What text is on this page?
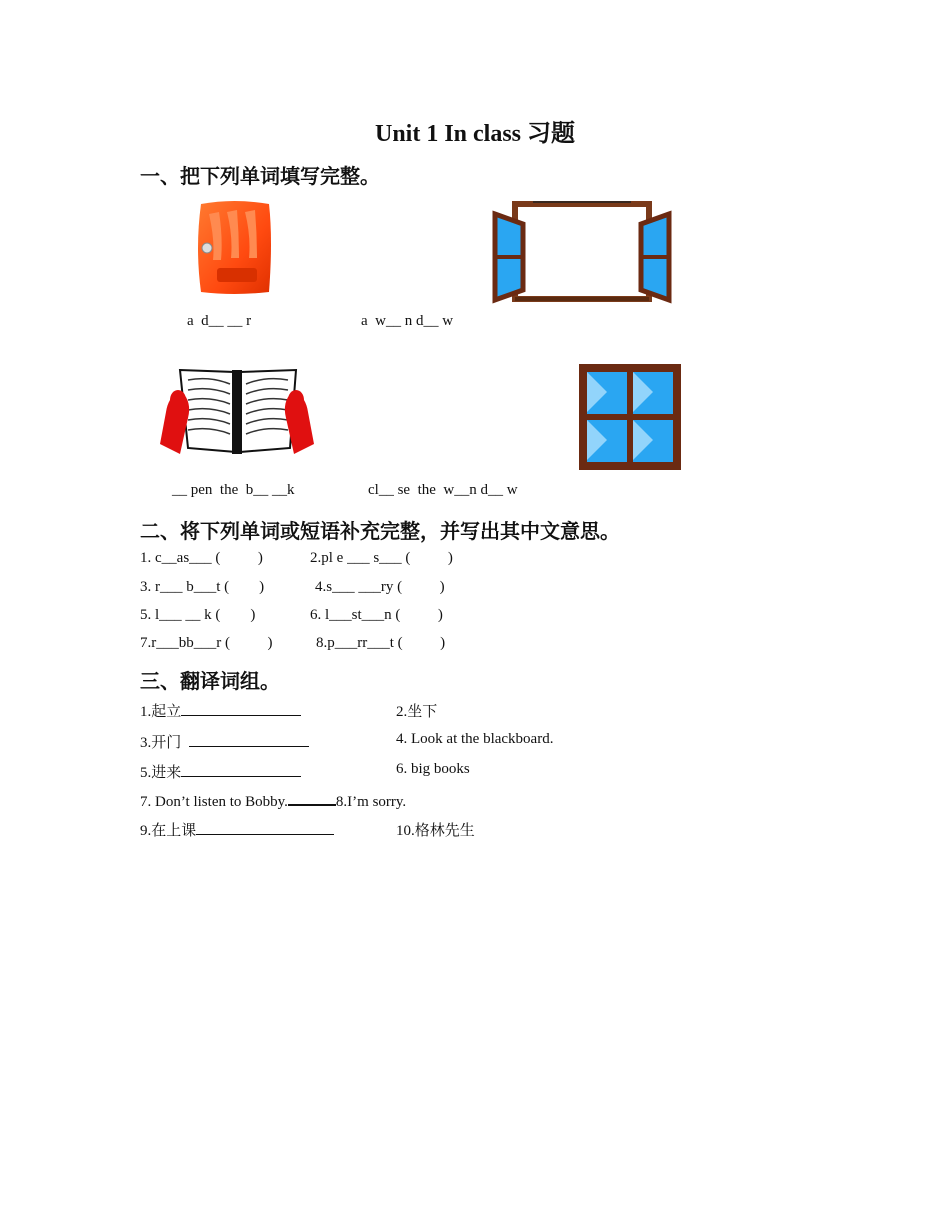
Unit 1 In class 习题
一、把下列单词填写完整。
a  d__ __ r	a  w__ n d__ w
__ pen  the  b__ __k	cl__ se  the  w__n d__ w
二、将下列单词或短语补充完整，并写出其中文意思。
1. c__as___ (          )	2.pl e ___ s___ (          )
3. r___ b___t (        )	4.s___ ___ry (          )
5. l___ __ k (        )	6. l___st___n (          )
7.r___bb___r (          )	8.p___rr___t (          )
三、翻译词组。
1.起立	2.坐下
3.开门	4. Look at the blackboard.
5.进来	6. big books
7. Don’t listen to Bobby.	8.I’m sorry.
9.在上课	10.格林先生
